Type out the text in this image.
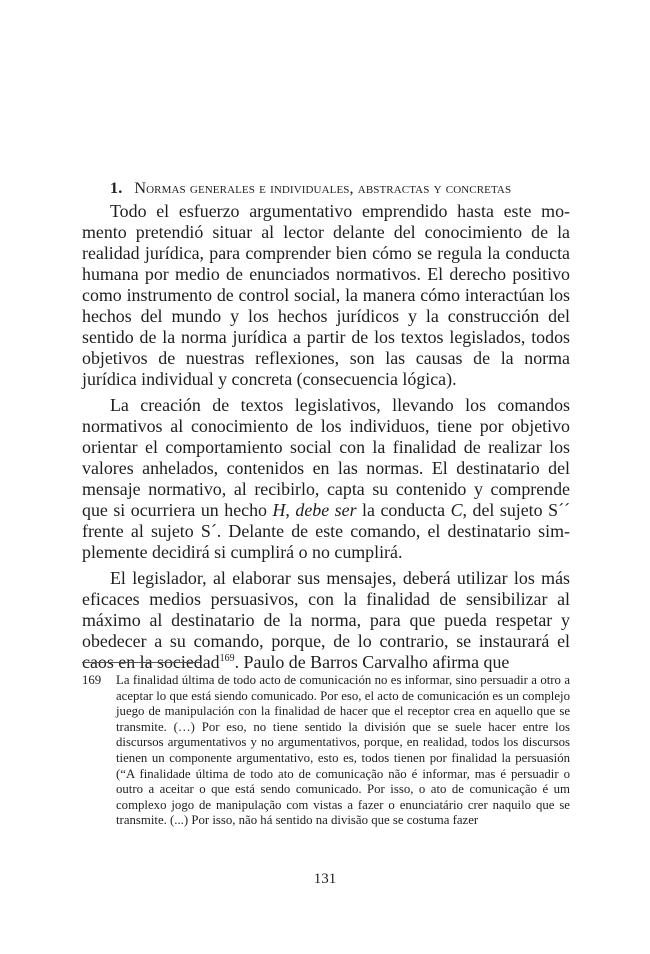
1. Normas generales e individuales, abstractas y concretas

Todo el esfuerzo argumentativo emprendido hasta este momento pretendió situar al lector delante del conocimiento de la realidad jurídica, para comprender bien cómo se regula la conducta humana por medio de enunciados normativos. El derecho positivo como instrumento de control social, la manera cómo interactúan los hechos del mundo y los hechos jurídicos y la construcción del sentido de la norma jurídica a partir de los textos legislados, todos objetivos de nuestras reflexiones, son las causas de la norma jurídica individual y concreta (consecuencia lógica).

La creación de textos legislativos, llevando los comandos normativos al conocimiento de los individuos, tiene por objetivo orientar el comportamiento social con la finalidad de realizar los valores anhelados, contenidos en las normas. El destinatario del mensaje normativo, al recibirlo, capta su contenido y comprende que si ocurriera un hecho H, debe ser la conducta C, del sujeto S´´ frente al sujeto S´. Delante de este comando, el destinatario simplemente decidirá si cumplirá o no cumplirá.

El legislador, al elaborar sus mensajes, deberá utilizar los más eficaces medios persuasivos, con la finalidad de sensibilizar al máximo al destinatario de la norma, para que pueda respetar y obedecer a su comando, porque, de lo contrario, se instaurará el caos en la sociedad$^{169}$. Paulo de Barros Carvalho afirma que

169	La finalidad última de todo acto de comunicación no es informar, sino persuadir a otro a aceptar lo que está siendo comunicado. Por eso, el acto de comunicación es un complejo juego de manipulación con la finalidad de hacer que el receptor crea en aquello que se transmite. (…) Por eso, no tiene sentido la división que se suele hacer entre los discursos argumentativos y no argumentativos, porque, en realidad, todos los discursos tienen un componente argumentativo, esto es, todos tienen por finalidad la persuasión (“A finalidade última de todo ato de comunicação não é informar, mas é persuadir o outro a aceitar o que está sendo comunicado. Por isso, o ato de comunicação é um complexo jogo de manipulação com vistas a fazer o enunciatário crer naquilo que se transmite. (...) Por isso, não há sentido na divisão que se costuma fazer
131
